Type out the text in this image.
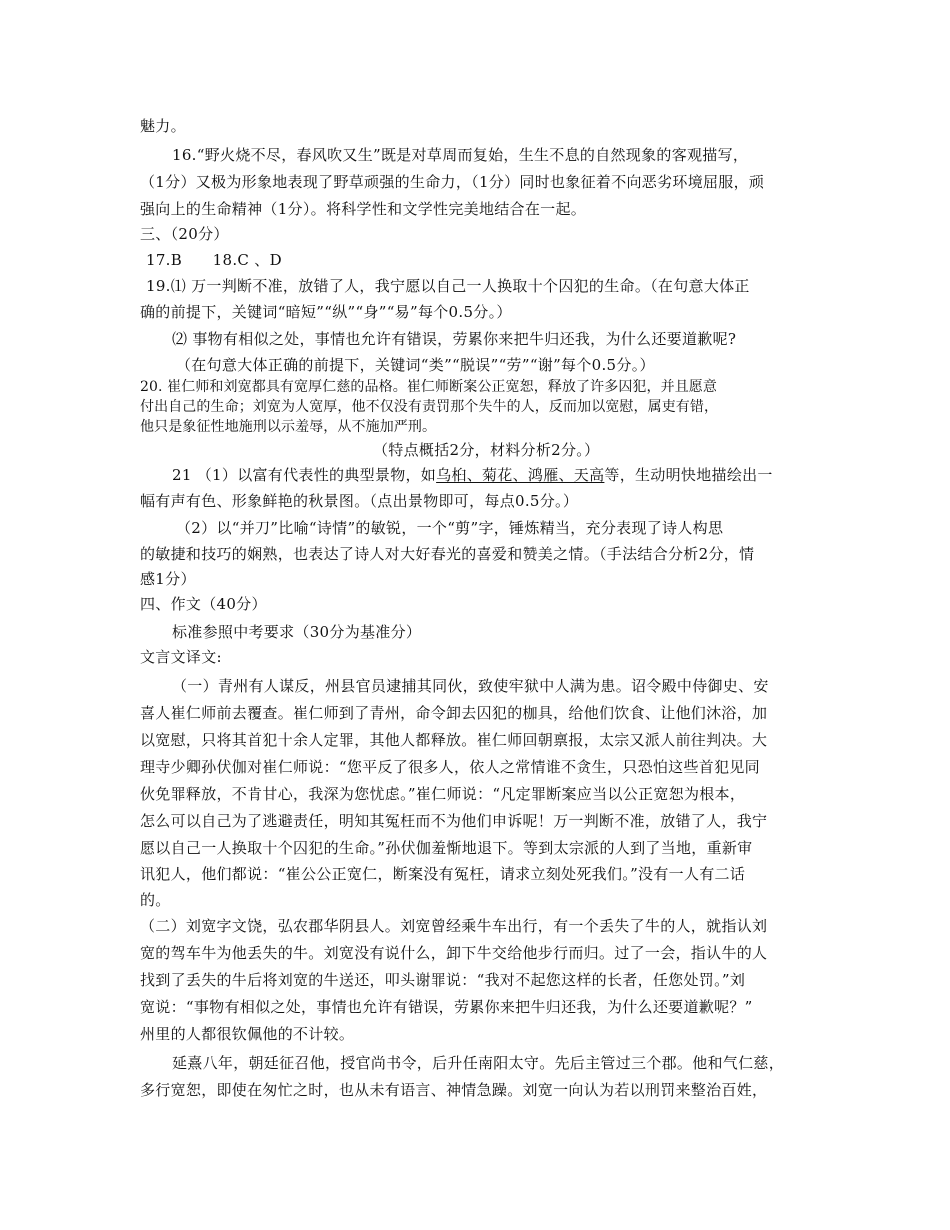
魅力。

16.“野火烧不尽，春风吹又生”既是对草周而复始，生生不息的自然现象的客观描写，

（1分）又极为形象地表现了野草顽强的生命力，（1分）同时也象征着不向恶劣环境屈服，顽

强向上的生命精神（1分）。将科学性和文学性完美地结合在一起。

三、（20分）

17.B　　18.C 、D

19.⑴ 万一判断不准，放错了人，我宁愿以自己一人换取十个囚犯的生命。（在句意大体正

确的前提下，关键词“暗短”“纵”“身”“易”每个0.5分。）

⑵ 事物有相似之处，事情也允许有错误，劳累你来把牛归还我，为什么还要道歉呢?

（在句意大体正确的前提下，关键词“类”“脱误”“劳”“谢”每个0.5分。）

20. 崔仁师和刘宽都具有宽厚仁慈的品格。崔仁师断案公正宽恕，释放了许多囚犯，并且愿意

付出自己的生命；刘宽为人宽厚，他不仅没有责罚那个失牛的人，反而加以宽慰，属吏有错，

他只是象征性地施刑以示羞辱，从不施加严刑。

（特点概括2分，材料分析2分。）

21 （1）以富有代表性的典型景物，如乌桕、菊花、鸿雁、天高等，生动明快地描绘出一

幅有声有色、形象鲜艳的秋景图。（点出景物即可，每点0.5分。）

（2）以“并刀”比喻“诗情”的敏锐，一个“剪”字，锤炼精当，充分表现了诗人构思

的敏捷和技巧的娴熟，也表达了诗人对大好春光的喜爱和赞美之情。（手法结合分析2分，情

感1分）

四、作文（40分）

标准参照中考要求（30分为基准分）

文言文译文:

（一）青州有人谋反，州县官员逮捕其同伙，致使牢狱中人满为患。诏令殿中侍御史、安

喜人崔仁师前去覆查。崔仁师到了青州，命令卸去囚犯的枷具，给他们饮食、让他们沐浴，加

以宽慰，只将其首犯十余人定罪，其他人都释放。崔仁师回朝禀报，太宗又派人前往判决。大

理寺少卿孙伏伽对崔仁师说：“您平反了很多人，依人之常情谁不贪生，只恐怕这些首犯见同

伙免罪释放，不肯甘心，我深为您忧虑。”崔仁师说：“凡定罪断案应当以公正宽恕为根本，

怎么可以自己为了逃避责任，明知其冤枉而不为他们申诉呢！万一判断不准，放错了人，我宁

愿以自己一人换取十个囚犯的生命。”孙伏伽羞惭地退下。等到太宗派的人到了当地，重新审

讯犯人，他们都说：“崔公公正宽仁，断案没有冤枉，请求立刻处死我们。”没有一人有二话

的。

（二）刘宽字文饶，弘农郡华阴县人。刘宽曾经乘牛车出行，有一个丢失了牛的人，就指认刘

宽的驾车牛为他丢失的牛。刘宽没有说什么，卸下牛交给他步行而归。过了一会，指认牛的人

找到了丢失的牛后将刘宽的牛送还，叩头谢罪说：“我对不起您这样的长者，任您处罚。”刘

宽说：“事物有相似之处，事情也允许有错误，劳累你来把牛归还我，为什么还要道歉呢？”

州里的人都很钦佩他的不计较。

延熹八年，朝廷征召他，授官尚书令，后升任南阳太守。先后主管过三个郡。他和气仁慈，

多行宽恕，即使在匆忙之时，也从未有语言、神情急躁。刘宽一向认为若以刑罚来整治百姓，
